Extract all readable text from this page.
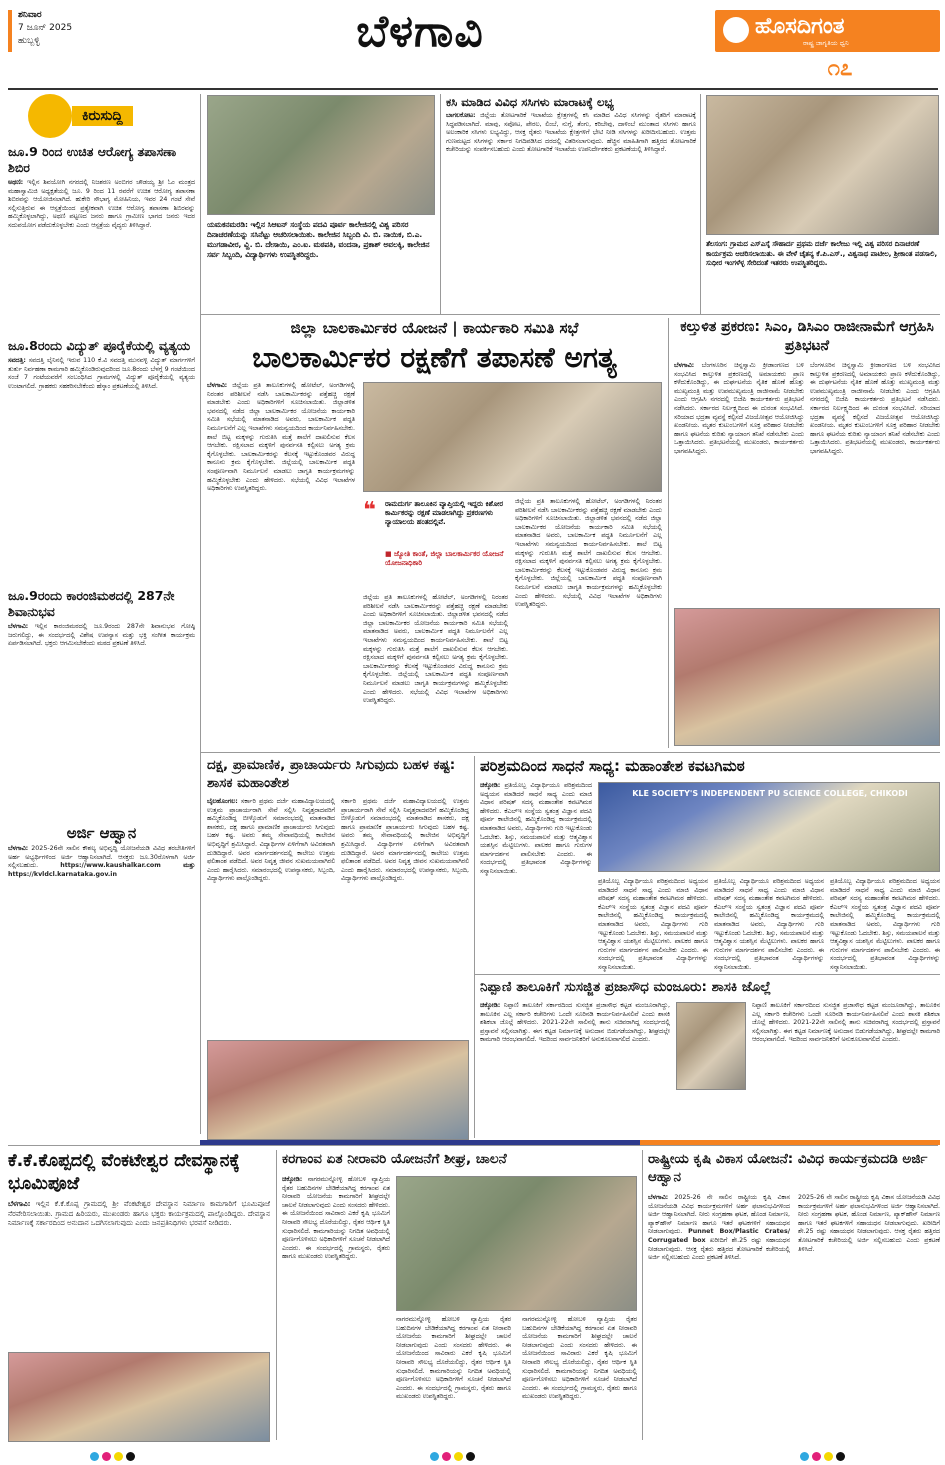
ಶನಿವಾರ
7 ಜೂನ್ 2025
ಹುಬ್ಬಳ್ಳಿ	ಬೆಳಗಾವಿ	ಹೊಸದಿಗಂತ
ರಾಷ್ಟ್ರ ಜಾಗೃತಿಯ ಧ್ವನಿ
೧೭
ಕಿರುಸುದ್ದಿ
ಜೂ.9 ರಿಂದ ಉಚಿತ ಆರೋಗ್ಯ ತಪಾಸಣಾ ಶಿಬಿರ
ಅಥಣಿ: ಇಲ್ಲಿನ ಶಿವಯೋಗಿ ನಗರದಲ್ಲಿ ನಿಜಶರಣ ಅಂಬಿಗರ ಚೌಡಯ್ಯ ಶ್ರೀ ಓಂ ಮಂತ್ರದ ಮಹಾಸ್ವಾಮಿಜಿ ಅಧ್ಯಕ್ಷತೆಯಲ್ಲಿ ಜೂ. 9 ರಿಂದ 11 ರವರೆಗೆ ಉಚಿತ ಆರೋಗ್ಯ ತಪಾಸಣಾ ಶಿಬಿರವನ್ನು ಆಯೋಜಿಸಲಾಗಿದೆ. ಹುಕೇರಿ ಸೌಭಾಗ್ಯ ಮೋಹಿನಿಯ, ಇವರ 24 ಗಂಟೆ ಸೇವೆ ಸಲ್ಲಿಸುತ್ತಿರುವ ಈ ಆಸ್ಪತ್ರೆಯಿಂದ ಪ್ರತ್ಯೇಕವಾಗಿ ಉಚಿತ ಆರೋಗ್ಯ ತಪಾಸಣಾ ಶಿಬಿರವನ್ನು ಹಮ್ಮಿಕೊಳ್ಳಲಾಗಿದ್ದು, ಅಥಣಿ ಪಟ್ಟಣದ ಜನರು ಹಾಗೂ ಗ್ರಾಮೀಣ ಭಾಗದ ಜನರು ಇದರ ಸದುಪಯೋಗ ಪಡೆದುಕೊಳ್ಳಬೇಕು ಎಂದು ಆಸ್ಪತ್ರೆಯ ವೈದ್ಯರು ತಿಳಿಸಿದ್ದಾರೆ.
ಜೂ.8ರಂದು ವಿದ್ಯುತ್ ಪೂರೈಕೆಯಲ್ಲಿ ವ್ಯತ್ಯಯ
ಸವದತ್ತಿ: ಸವದತ್ತಿ ಲೈನಿನಲ್ಲಿ ಇರುವ 110 ಕೆ.ವಿ ಸವದತ್ತಿ ಮುನವಳ್ಳಿ ವಿದ್ಯುತ್ ಮಾರ್ಗಗಳಿಗೆ ತುರ್ತು ನಿರ್ವಹಣಾ ಕಾಮಗಾರಿ ಹಮ್ಮಿಕೊಂಡಿರುವುದರಿಂದ ಜೂ.8ರಂದು ಬೆಳಗ್ಗೆ 9 ಗಂಟೆಯಿಂದ ಸಂಜೆ 7 ಗಂಟೆಯವರೆಗೆ ಸಂಬಂಧಿಸಿದ ಗ್ರಾಮಗಳಲ್ಲಿ ವಿದ್ಯುತ್ ಪೂರೈಕೆಯಲ್ಲಿ ವ್ಯತ್ಯಯ ಉಂಟಾಗಲಿದೆ. ಗ್ರಾಹಕರು ಸಹಕರಿಸಬೇಕೆಂದು ಹೆಸ್ಕಾಂ ಪ್ರಕಟಣೆಯಲ್ಲಿ ತಿಳಿಸಿದೆ.
ಜೂ.9ರಂದು ಕಾರಂಜಿಮಠದಲ್ಲಿ 287ನೇ ಶಿವಾನುಭವ
ಬೆಳಗಾವಿ: ಇಲ್ಲಿನ ಕಾರಂಜಿಮಠದಲ್ಲಿ ಜೂ.9ರಂದು 287ನೇ ಶಿವಾನುಭವ ಗೋಷ್ಠಿ ಜರುಗಲಿದ್ದು, ಈ ಸಂದರ್ಭದಲ್ಲಿ ವಿಶೇಷ ಉಪನ್ಯಾಸ ಮತ್ತು ಭಕ್ತಿ ಸಂಗೀತ ಕಾರ್ಯಕ್ರಮ ಏರ್ಪಡಿಸಲಾಗಿದೆ. ಭಕ್ತರು ಆಗಮಿಸಬೇಕೆಂದು ಮಠದ ಪ್ರಕಟಣೆ ತಿಳಿಸಿದೆ.
ಅರ್ಜಿ ಆಹ್ವಾನ
ಬೆಳಗಾವಿ: 2025-26ನೇ ಸಾಲಿನ ಕೌಶಲ್ಯ ಅಭಿವೃದ್ಧಿ ಯೋಜನೆಯಡಿ ವಿವಿಧ ತರಬೇತಿಗಳಿಗೆ ಅರ್ಹ ಅಭ್ಯರ್ಥಿಗಳಿಂದ ಅರ್ಜಿ ಆಹ್ವಾನಿಸಲಾಗಿದೆ. ಆಸಕ್ತರು ಜೂ.30ರೊಳಗಾಗಿ ಅರ್ಜಿ ಸಲ್ಲಿಸಬಹುದು.	https://www.kaushalkar.com ಮತ್ತು https://kvldcl.karnataka.gov.in
ಯಮಕನಮರಡಿ: ಇಲ್ಲಿನ ಸಿಆಐನ್ ಸಂಸ್ಥೆಯ ಪದವಿ ಪೂರ್ವ ಕಾಲೇಜಿನಲ್ಲಿ ವಿಶ್ವ ಪರಿಸರ ದಿನಾಚರಣೆಯನ್ನು ಸಸಿನೆಟ್ಟು ಆಚರಿಸಲಾಯಿತು. ಕಾಲೇಜಿನ ಸಿಬ್ಬಂದಿ ವಿ. ಬಿ. ನಾಯಿಕ, ಬಿ.ಎ. ಮುಗಡಾವೀರ, ವ್ಹಿ. ಬಿ. ದೇಸಾಯಿ, ಎಂ.ಐ. ಮಠಪತಿ, ವಂದನಾ, ಪ್ರಕಾಶ್ ಅವಲಕ್ಕಿ, ಕಾಲೇಜಿನ ಸರ್ವ ಸಿಬ್ಬಂದಿ, ವಿದ್ಯಾರ್ಥಿಗಳು ಉಪಸ್ಥಿತರಿದ್ದರು.
ಕಸಿ ಮಾಡಿದ ವಿವಿಧ ಸಸಿಗಳು ಮಾರಾಟಕ್ಕೆ ಲಭ್ಯ
ಬಾಗಲಕೋಟ: ಜಿಲ್ಲೆಯ ತೋಟಗಾರಿಕೆ ಇಲಾಖೆಯ ಕ್ಷೇತ್ರಗಳಲ್ಲಿ ಕಸಿ ಮಾಡಿದ ವಿವಿಧ ಸಸಿಗಳನ್ನು ರೈತರಿಗೆ ಮಾರಾಟಕ್ಕೆ ಸಿದ್ಧಪಡಿಸಲಾಗಿದೆ. ಮಾವು, ಸಪೋಟ, ಪೇರಲ, ಲಿಂಬೆ, ನುಗ್ಗೆ, ತೆಂಗು, ಕರಿಬೇವು, ದಾಳಿಂಬೆ ಮುಂತಾದ ಸಸಿಗಳು ಹಾಗೂ ಅಲಂಕಾರಿಕ ಸಸಿಗಳು ಲಭ್ಯವಿದ್ದು, ಆಸಕ್ತ ರೈತರು ಇಲಾಖೆಯ ಕ್ಷೇತ್ರಗಳಿಗೆ ಭೇಟಿ ನೀಡಿ ಸಸಿಗಳನ್ನು ಖರೀದಿಸಬಹುದು. ಉತ್ತಮ ಗುಣಮಟ್ಟದ ಸಸಿಗಳನ್ನು ಸರ್ಕಾರ ನಿಗದಿಪಡಿಸಿದ ದರದಲ್ಲಿ ವಿತರಿಸಲಾಗುವುದು. ಹೆಚ್ಚಿನ ಮಾಹಿತಿಗಾಗಿ ಹತ್ತಿರದ ತೋಟಗಾರಿಕೆ ಕಚೇರಿಯನ್ನು ಸಂಪರ್ಕಿಸಬಹುದು ಎಂದು ತೋಟಗಾರಿಕೆ ಇಲಾಖೆಯ ಉಪನಿರ್ದೇಶಕರು ಪ್ರಕಟಣೆಯಲ್ಲಿ ತಿಳಿಸಿದ್ದಾರೆ.
ತೆಲಸಂಗ: ಗ್ರಾಮದ ಎಸ್‌ಎಸ್ಕೆ ಸೌಹಾರ್ದ ಪ್ರಥಮ ದರ್ಜೆ ಕಾಲೇಜು ಇಲ್ಲಿ ವಿಶ್ವ ಪರಿಸರ ದಿನಾಚರಣೆ ಕಾರ್ಯಕ್ರಮ ಆಚರಿಸಲಾಯಿತು. ಈ ವೇಳೆ ಚೈತನ್ಯ ಕೆ.ಪಿ.ಎಸ್., ವಿಶ್ವನಾಥ ಪಾಟೀಲ, ಶ್ರೀಕಾಂತ ಪಡಸಾಲಿ, ಸುಧೀರ ಇಂಗಳೆಳ್ಳ ಸೇರಿದಂತೆ ಇತರರು ಉಪಸ್ಥಿತರಿದ್ದರು.
ಜಿಲ್ಲಾ ಬಾಲಕಾರ್ಮಿಕರ ಯೋಜನೆ | ಕಾರ್ಯಕಾರಿ ಸಮಿತಿ ಸಭೆ
ಬಾಲಕಾರ್ಮಿಕರ ರಕ್ಷಣೆಗೆ ತಪಾಸಣೆ ಅಗತ್ಯ
ಬೆಳಗಾವಿ: ಜಿಲ್ಲೆಯ ಪ್ರತಿ ತಾಲೂಕುಗಳಲ್ಲಿ ಹೋಟೆಲ್, ಅಂಗಡಿಗಳಲ್ಲಿ ನಿರಂತರ ಪರಿಶೀಲನೆ ನಡೆಸಿ ಬಾಲಕಾರ್ಮಿಕರನ್ನು ಪತ್ತೆಹಚ್ಚಿ ರಕ್ಷಣೆ ಮಾಡಬೇಕು ಎಂದು ಅಧಿಕಾರಿಗಳಿಗೆ ಸೂಚಿಸಲಾಯಿತು. ಜಿಲ್ಲಾಡಳಿತ ಭವನದಲ್ಲಿ ನಡೆದ ಜಿಲ್ಲಾ ಬಾಲಕಾರ್ಮಿಕರ ಯೋಜನೆಯ ಕಾರ್ಯಕಾರಿ ಸಮಿತಿ ಸಭೆಯಲ್ಲಿ ಮಾತನಾಡಿದ ಅವರು, ಬಾಲಕಾರ್ಮಿಕ ಪದ್ಧತಿ ನಿರ್ಮೂಲನೆಗೆ ಎಲ್ಲ ಇಲಾಖೆಗಳು ಸಮನ್ವಯದಿಂದ ಕಾರ್ಯನಿರ್ವಹಿಸಬೇಕು. ಶಾಲೆ ಬಿಟ್ಟ ಮಕ್ಕಳನ್ನು ಗುರುತಿಸಿ ಮತ್ತೆ ಶಾಲೆಗೆ ದಾಖಲಿಸುವ ಕೆಲಸ ಆಗಬೇಕು. ರಕ್ಷಿಸಲಾದ ಮಕ್ಕಳಿಗೆ ಪುನರ್ವಸತಿ ಕಲ್ಪಿಸಲು ಅಗತ್ಯ ಕ್ರಮ ಕೈಗೊಳ್ಳಬೇಕು. ಬಾಲಕಾರ್ಮಿಕರನ್ನು ಕೆಲಸಕ್ಕೆ ಇಟ್ಟುಕೊಂಡವರ ವಿರುದ್ಧ ಕಾನೂನು ಕ್ರಮ ಕೈಗೊಳ್ಳಬೇಕು. ಜಿಲ್ಲೆಯಲ್ಲಿ ಬಾಲಕಾರ್ಮಿಕ ಪದ್ಧತಿ ಸಂಪೂರ್ಣವಾಗಿ ನಿರ್ಮೂಲನೆ ಮಾಡಲು ಜಾಗೃತಿ ಕಾರ್ಯಕ್ರಮಗಳನ್ನು ಹಮ್ಮಿಕೊಳ್ಳಬೇಕು ಎಂದು ಹೇಳಿದರು. ಸಭೆಯಲ್ಲಿ ವಿವಿಧ ಇಲಾಖೆಗಳ ಅಧಿಕಾರಿಗಳು ಉಪಸ್ಥಿತರಿದ್ದರು.
❝ ರಾಮದುರ್ಗ ತಾಲೂಕಿನ ವ್ಯಾಪ್ತಿಯಲ್ಲಿ ಇದ್ದರು ಕಿಶೋರ ಕಾರ್ಮಿಕರನ್ನು ರಕ್ಷಣೆ ಮಾಡಲಾಗಿದ್ದು ಪ್ರಕರಣಗಳು ನ್ಯಾಯಾಲಯ ಹಂತದಲ್ಲಿವೆ.
■ ಜ್ಯೋತಿ ಕಾಂತೆ, ಜಿಲ್ಲಾ ಬಾಲಕಾರ್ಮಿಕರ ಯೋಜನೆ ಯೋಜನಾಧಿಕಾರಿ
ಜಿಲ್ಲೆಯ ಪ್ರತಿ ತಾಲೂಕುಗಳಲ್ಲಿ ಹೋಟೆಲ್, ಅಂಗಡಿಗಳಲ್ಲಿ ನಿರಂತರ ಪರಿಶೀಲನೆ ನಡೆಸಿ ಬಾಲಕಾರ್ಮಿಕರನ್ನು ಪತ್ತೆಹಚ್ಚಿ ರಕ್ಷಣೆ ಮಾಡಬೇಕು ಎಂದು ಅಧಿಕಾರಿಗಳಿಗೆ ಸೂಚಿಸಲಾಯಿತು. ಜಿಲ್ಲಾಡಳಿತ ಭವನದಲ್ಲಿ ನಡೆದ ಜಿಲ್ಲಾ ಬಾಲಕಾರ್ಮಿಕರ ಯೋಜನೆಯ ಕಾರ್ಯಕಾರಿ ಸಮಿತಿ ಸಭೆಯಲ್ಲಿ ಮಾತನಾಡಿದ ಅವರು, ಬಾಲಕಾರ್ಮಿಕ ಪದ್ಧತಿ ನಿರ್ಮೂಲನೆಗೆ ಎಲ್ಲ ಇಲಾಖೆಗಳು ಸಮನ್ವಯದಿಂದ ಕಾರ್ಯನಿರ್ವಹಿಸಬೇಕು. ಶಾಲೆ ಬಿಟ್ಟ ಮಕ್ಕಳನ್ನು ಗುರುತಿಸಿ ಮತ್ತೆ ಶಾಲೆಗೆ ದಾಖಲಿಸುವ ಕೆಲಸ ಆಗಬೇಕು. ರಕ್ಷಿಸಲಾದ ಮಕ್ಕಳಿಗೆ ಪುನರ್ವಸತಿ ಕಲ್ಪಿಸಲು ಅಗತ್ಯ ಕ್ರಮ ಕೈಗೊಳ್ಳಬೇಕು. ಬಾಲಕಾರ್ಮಿಕರನ್ನು ಕೆಲಸಕ್ಕೆ ಇಟ್ಟುಕೊಂಡವರ ವಿರುದ್ಧ ಕಾನೂನು ಕ್ರಮ ಕೈಗೊಳ್ಳಬೇಕು. ಜಿಲ್ಲೆಯಲ್ಲಿ ಬಾಲಕಾರ್ಮಿಕ ಪದ್ಧತಿ ಸಂಪೂರ್ಣವಾಗಿ ನಿರ್ಮೂಲನೆ ಮಾಡಲು ಜಾಗೃತಿ ಕಾರ್ಯಕ್ರಮಗಳನ್ನು ಹಮ್ಮಿಕೊಳ್ಳಬೇಕು ಎಂದು ಹೇಳಿದರು. ಸಭೆಯಲ್ಲಿ ವಿವಿಧ ಇಲಾಖೆಗಳ ಅಧಿಕಾರಿಗಳು ಉಪಸ್ಥಿತರಿದ್ದರು.
ಜಿಲ್ಲೆಯ ಪ್ರತಿ ತಾಲೂಕುಗಳಲ್ಲಿ ಹೋಟೆಲ್, ಅಂಗಡಿಗಳಲ್ಲಿ ನಿರಂತರ ಪರಿಶೀಲನೆ ನಡೆಸಿ ಬಾಲಕಾರ್ಮಿಕರನ್ನು ಪತ್ತೆಹಚ್ಚಿ ರಕ್ಷಣೆ ಮಾಡಬೇಕು ಎಂದು ಅಧಿಕಾರಿಗಳಿಗೆ ಸೂಚಿಸಲಾಯಿತು. ಜಿಲ್ಲಾಡಳಿತ ಭವನದಲ್ಲಿ ನಡೆದ ಜಿಲ್ಲಾ ಬಾಲಕಾರ್ಮಿಕರ ಯೋಜನೆಯ ಕಾರ್ಯಕಾರಿ ಸಮಿತಿ ಸಭೆಯಲ್ಲಿ ಮಾತನಾಡಿದ ಅವರು, ಬಾಲಕಾರ್ಮಿಕ ಪದ್ಧತಿ ನಿರ್ಮೂಲನೆಗೆ ಎಲ್ಲ ಇಲಾಖೆಗಳು ಸಮನ್ವಯದಿಂದ ಕಾರ್ಯನಿರ್ವಹಿಸಬೇಕು. ಶಾಲೆ ಬಿಟ್ಟ ಮಕ್ಕಳನ್ನು ಗುರುತಿಸಿ ಮತ್ತೆ ಶಾಲೆಗೆ ದಾಖಲಿಸುವ ಕೆಲಸ ಆಗಬೇಕು. ರಕ್ಷಿಸಲಾದ ಮಕ್ಕಳಿಗೆ ಪುನರ್ವಸತಿ ಕಲ್ಪಿಸಲು ಅಗತ್ಯ ಕ್ರಮ ಕೈಗೊಳ್ಳಬೇಕು. ಬಾಲಕಾರ್ಮಿಕರನ್ನು ಕೆಲಸಕ್ಕೆ ಇಟ್ಟುಕೊಂಡವರ ವಿರುದ್ಧ ಕಾನೂನು ಕ್ರಮ ಕೈಗೊಳ್ಳಬೇಕು. ಜಿಲ್ಲೆಯಲ್ಲಿ ಬಾಲಕಾರ್ಮಿಕ ಪದ್ಧತಿ ಸಂಪೂರ್ಣವಾಗಿ ನಿರ್ಮೂಲನೆ ಮಾಡಲು ಜಾಗೃತಿ ಕಾರ್ಯಕ್ರಮಗಳನ್ನು ಹಮ್ಮಿಕೊಳ್ಳಬೇಕು ಎಂದು ಹೇಳಿದರು. ಸಭೆಯಲ್ಲಿ ವಿವಿಧ ಇಲಾಖೆಗಳ ಅಧಿಕಾರಿಗಳು ಉಪಸ್ಥಿತರಿದ್ದರು.
ಕಲ್ತುಳಿತ ಪ್ರಕರಣ: ಸಿಎಂ, ಡಿಸಿಎಂ ರಾಜೀನಾಮೆಗೆ ಆಗ್ರಹಿಸಿ ಪ್ರತಿಭಟನೆ
ಬೆಳಗಾವಿ: ಬೆಂಗಳೂರಿನ ಚಿನ್ನಸ್ವಾಮಿ ಕ್ರೀಡಾಂಗಣದ ಬಳಿ ಸಂಭವಿಸಿದ ಕಾಲ್ತುಳಿತ ಪ್ರಕರಣದಲ್ಲಿ ಅಮಾಯಕರು ಪ್ರಾಣ ಕಳೆದುಕೊಂಡಿದ್ದು, ಈ ದುರ್ಘಟನೆಯ ನೈತಿಕ ಹೊಣೆ ಹೊತ್ತು ಮುಖ್ಯಮಂತ್ರಿ ಮತ್ತು ಉಪಮುಖ್ಯಮಂತ್ರಿ ರಾಜೀನಾಮೆ ನೀಡಬೇಕು ಎಂದು ಆಗ್ರಹಿಸಿ ನಗರದಲ್ಲಿ ಬಿಜೆಪಿ ಕಾರ್ಯಕರ್ತರು ಪ್ರತಿಭಟನೆ ನಡೆಸಿದರು. ಸರ್ಕಾರದ ನಿರ್ಲಕ್ಷ್ಯದಿಂದ ಈ ದುರಂತ ಸಂಭವಿಸಿದೆ. ಸರಿಯಾದ ಭದ್ರತಾ ವ್ಯವಸ್ಥೆ ಕಲ್ಪಿಸದೆ ವಿಜಯೋತ್ಸವ ಆಯೋಜಿಸಿದ್ದು ಖಂಡನೀಯ. ಮೃತರ ಕುಟುಂಬಗಳಿಗೆ ಸೂಕ್ತ ಪರಿಹಾರ ನೀಡಬೇಕು ಹಾಗೂ ಘಟನೆಯ ಕುರಿತು ನ್ಯಾಯಾಂಗ ತನಿಖೆ ನಡೆಸಬೇಕು ಎಂದು ಒತ್ತಾಯಿಸಿದರು. ಪ್ರತಿಭಟನೆಯಲ್ಲಿ ಮುಖಂಡರು, ಕಾರ್ಯಕರ್ತರು ಭಾಗವಹಿಸಿದ್ದರು.
ಬೆಂಗಳೂರಿನ ಚಿನ್ನಸ್ವಾಮಿ ಕ್ರೀಡಾಂಗಣದ ಬಳಿ ಸಂಭವಿಸಿದ ಕಾಲ್ತುಳಿತ ಪ್ರಕರಣದಲ್ಲಿ ಅಮಾಯಕರು ಪ್ರಾಣ ಕಳೆದುಕೊಂಡಿದ್ದು, ಈ ದುರ್ಘಟನೆಯ ನೈತಿಕ ಹೊಣೆ ಹೊತ್ತು ಮುಖ್ಯಮಂತ್ರಿ ಮತ್ತು ಉಪಮುಖ್ಯಮಂತ್ರಿ ರಾಜೀನಾಮೆ ನೀಡಬೇಕು ಎಂದು ಆಗ್ರಹಿಸಿ ನಗರದಲ್ಲಿ ಬಿಜೆಪಿ ಕಾರ್ಯಕರ್ತರು ಪ್ರತಿಭಟನೆ ನಡೆಸಿದರು. ಸರ್ಕಾರದ ನಿರ್ಲಕ್ಷ್ಯದಿಂದ ಈ ದುರಂತ ಸಂಭವಿಸಿದೆ. ಸರಿಯಾದ ಭದ್ರತಾ ವ್ಯವಸ್ಥೆ ಕಲ್ಪಿಸದೆ ವಿಜಯೋತ್ಸವ ಆಯೋಜಿಸಿದ್ದು ಖಂಡನೀಯ. ಮೃತರ ಕುಟುಂಬಗಳಿಗೆ ಸೂಕ್ತ ಪರಿಹಾರ ನೀಡಬೇಕು ಹಾಗೂ ಘಟನೆಯ ಕುರಿತು ನ್ಯಾಯಾಂಗ ತನಿಖೆ ನಡೆಸಬೇಕು ಎಂದು ಒತ್ತಾಯಿಸಿದರು. ಪ್ರತಿಭಟನೆಯಲ್ಲಿ ಮುಖಂಡರು, ಕಾರ್ಯಕರ್ತರು ಭಾಗವಹಿಸಿದ್ದರು.
ದಕ್ಷ, ಪ್ರಾಮಾಣಿಕ, ಪ್ರಾಚಾರ್ಯರು ಸಿಗುವುದು ಬಹಳ ಕಷ್ಟ: ಶಾಸಕ ಮಹಾಂತೇಶ
ಬೈಲಹೊಂಗಲ: ಸರ್ಕಾರಿ ಪ್ರಥಮ ದರ್ಜೆ ಮಹಾವಿದ್ಯಾಲಯದಲ್ಲಿ ಉತ್ತಮ ಪ್ರಾಚಾರ್ಯರಾಗಿ ಸೇವೆ ಸಲ್ಲಿಸಿ ನಿವೃತ್ತರಾದವರಿಗೆ ಹಮ್ಮಿಕೊಂಡಿದ್ದ ಬೀಳ್ಕೊಡುಗೆ ಸಮಾರಂಭದಲ್ಲಿ ಮಾತನಾಡಿದ ಶಾಸಕರು, ದಕ್ಷ ಹಾಗೂ ಪ್ರಾಮಾಣಿಕ ಪ್ರಾಚಾರ್ಯರು ಸಿಗುವುದು ಬಹಳ ಕಷ್ಟ. ಅವರು ತಮ್ಮ ಸೇವಾವಧಿಯಲ್ಲಿ ಕಾಲೇಜಿನ ಅಭಿವೃದ್ಧಿಗೆ ಶ್ರಮಿಸಿದ್ದಾರೆ. ವಿದ್ಯಾರ್ಥಿಗಳ ಏಳಿಗೆಗಾಗಿ ಅವಿರತವಾಗಿ ದುಡಿದಿದ್ದಾರೆ. ಅವರ ಮಾರ್ಗದರ್ಶನದಲ್ಲಿ ಕಾಲೇಜು ಉತ್ತಮ ಫಲಿತಾಂಶ ಪಡೆದಿದೆ. ಅವರ ನಿವೃತ್ತ ಜೀವನ ಸುಖಮಯವಾಗಿರಲಿ ಎಂದು ಹಾರೈಸಿದರು. ಸಮಾರಂಭದಲ್ಲಿ ಉಪನ್ಯಾಸಕರು, ಸಿಬ್ಬಂದಿ, ವಿದ್ಯಾರ್ಥಿಗಳು ಪಾಲ್ಗೊಂಡಿದ್ದರು.
ಸರ್ಕಾರಿ ಪ್ರಥಮ ದರ್ಜೆ ಮಹಾವಿದ್ಯಾಲಯದಲ್ಲಿ ಉತ್ತಮ ಪ್ರಾಚಾರ್ಯರಾಗಿ ಸೇವೆ ಸಲ್ಲಿಸಿ ನಿವೃತ್ತರಾದವರಿಗೆ ಹಮ್ಮಿಕೊಂಡಿದ್ದ ಬೀಳ್ಕೊಡುಗೆ ಸಮಾರಂಭದಲ್ಲಿ ಮಾತನಾಡಿದ ಶಾಸಕರು, ದಕ್ಷ ಹಾಗೂ ಪ್ರಾಮಾಣಿಕ ಪ್ರಾಚಾರ್ಯರು ಸಿಗುವುದು ಬಹಳ ಕಷ್ಟ. ಅವರು ತಮ್ಮ ಸೇವಾವಧಿಯಲ್ಲಿ ಕಾಲೇಜಿನ ಅಭಿವೃದ್ಧಿಗೆ ಶ್ರಮಿಸಿದ್ದಾರೆ. ವಿದ್ಯಾರ್ಥಿಗಳ ಏಳಿಗೆಗಾಗಿ ಅವಿರತವಾಗಿ ದುಡಿದಿದ್ದಾರೆ. ಅವರ ಮಾರ್ಗದರ್ಶನದಲ್ಲಿ ಕಾಲೇಜು ಉತ್ತಮ ಫಲಿತಾಂಶ ಪಡೆದಿದೆ. ಅವರ ನಿವೃತ್ತ ಜೀವನ ಸುಖಮಯವಾಗಿರಲಿ ಎಂದು ಹಾರೈಸಿದರು. ಸಮಾರಂಭದಲ್ಲಿ ಉಪನ್ಯಾಸಕರು, ಸಿಬ್ಬಂದಿ, ವಿದ್ಯಾರ್ಥಿಗಳು ಪಾಲ್ಗೊಂಡಿದ್ದರು.
ಪರಿಶ್ರಮದಿಂದ ಸಾಧನೆ ಸಾಧ್ಯ: ಮಹಾಂತೇಶ ಕವಟಗಿಮಠ
ಚಿಕ್ಕೋಡಿ: ಪ್ರತಿಯೊಬ್ಬ ವಿದ್ಯಾರ್ಥಿಯೂ ಪರಿಶ್ರಮದಿಂದ ಅಧ್ಯಯನ ಮಾಡಿದರೆ ಸಾಧನೆ ಸಾಧ್ಯ ಎಂದು ಮಾಜಿ ವಿಧಾನ ಪರಿಷತ್ ಸದಸ್ಯ ಮಹಾಂತೇಶ ಕವಟಗಿಮಠ ಹೇಳಿದರು. ಕೆಎಲ್‌ಇ ಸಂಸ್ಥೆಯ ಸ್ವತಂತ್ರ ವಿಜ್ಞಾನ ಪದವಿ ಪೂರ್ವ ಕಾಲೇಜಿನಲ್ಲಿ ಹಮ್ಮಿಕೊಂಡಿದ್ದ ಕಾರ್ಯಕ್ರಮದಲ್ಲಿ ಮಾತನಾಡಿದ ಅವರು, ವಿದ್ಯಾರ್ಥಿಗಳು ಗುರಿ ಇಟ್ಟುಕೊಂಡು ಓದಬೇಕು. ಶಿಸ್ತು, ಸಮಯಪಾಲನೆ ಮತ್ತು ಆತ್ಮವಿಶ್ವಾಸ ಯಶಸ್ಸಿನ ಮೆಟ್ಟಿಲುಗಳು. ಪಾಲಕರ ಹಾಗೂ ಗುರುಗಳ ಮಾರ್ಗದರ್ಶನ ಪಾಲಿಸಬೇಕು ಎಂದರು. ಈ ಸಂದರ್ಭದಲ್ಲಿ ಪ್ರತಿಭಾವಂತ ವಿದ್ಯಾರ್ಥಿಗಳನ್ನು ಸನ್ಮಾನಿಸಲಾಯಿತು.
KLE SOCIETY'S INDEPENDENT PU SCIENCE COLLEGE, CHIKODI
ಪ್ರತಿಯೊಬ್ಬ ವಿದ್ಯಾರ್ಥಿಯೂ ಪರಿಶ್ರಮದಿಂದ ಅಧ್ಯಯನ ಮಾಡಿದರೆ ಸಾಧನೆ ಸಾಧ್ಯ ಎಂದು ಮಾಜಿ ವಿಧಾನ ಪರಿಷತ್ ಸದಸ್ಯ ಮಹಾಂತೇಶ ಕವಟಗಿಮಠ ಹೇಳಿದರು. ಕೆಎಲ್‌ಇ ಸಂಸ್ಥೆಯ ಸ್ವತಂತ್ರ ವಿಜ್ಞಾನ ಪದವಿ ಪೂರ್ವ ಕಾಲೇಜಿನಲ್ಲಿ ಹಮ್ಮಿಕೊಂಡಿದ್ದ ಕಾರ್ಯಕ್ರಮದಲ್ಲಿ ಮಾತನಾಡಿದ ಅವರು, ವಿದ್ಯಾರ್ಥಿಗಳು ಗುರಿ ಇಟ್ಟುಕೊಂಡು ಓದಬೇಕು. ಶಿಸ್ತು, ಸಮಯಪಾಲನೆ ಮತ್ತು ಆತ್ಮವಿಶ್ವಾಸ ಯಶಸ್ಸಿನ ಮೆಟ್ಟಿಲುಗಳು. ಪಾಲಕರ ಹಾಗೂ ಗುರುಗಳ ಮಾರ್ಗದರ್ಶನ ಪಾಲಿಸಬೇಕು ಎಂದರು. ಈ ಸಂದರ್ಭದಲ್ಲಿ ಪ್ರತಿಭಾವಂತ ವಿದ್ಯಾರ್ಥಿಗಳನ್ನು ಸನ್ಮಾನಿಸಲಾಯಿತು.
ಪ್ರತಿಯೊಬ್ಬ ವಿದ್ಯಾರ್ಥಿಯೂ ಪರಿಶ್ರಮದಿಂದ ಅಧ್ಯಯನ ಮಾಡಿದರೆ ಸಾಧನೆ ಸಾಧ್ಯ ಎಂದು ಮಾಜಿ ವಿಧಾನ ಪರಿಷತ್ ಸದಸ್ಯ ಮಹಾಂತೇಶ ಕವಟಗಿಮಠ ಹೇಳಿದರು. ಕೆಎಲ್‌ಇ ಸಂಸ್ಥೆಯ ಸ್ವತಂತ್ರ ವಿಜ್ಞಾನ ಪದವಿ ಪೂರ್ವ ಕಾಲೇಜಿನಲ್ಲಿ ಹಮ್ಮಿಕೊಂಡಿದ್ದ ಕಾರ್ಯಕ್ರಮದಲ್ಲಿ ಮಾತನಾಡಿದ ಅವರು, ವಿದ್ಯಾರ್ಥಿಗಳು ಗುರಿ ಇಟ್ಟುಕೊಂಡು ಓದಬೇಕು. ಶಿಸ್ತು, ಸಮಯಪಾಲನೆ ಮತ್ತು ಆತ್ಮವಿಶ್ವಾಸ ಯಶಸ್ಸಿನ ಮೆಟ್ಟಿಲುಗಳು. ಪಾಲಕರ ಹಾಗೂ ಗುರುಗಳ ಮಾರ್ಗದರ್ಶನ ಪಾಲಿಸಬೇಕು ಎಂದರು. ಈ ಸಂದರ್ಭದಲ್ಲಿ ಪ್ರತಿಭಾವಂತ ವಿದ್ಯಾರ್ಥಿಗಳನ್ನು ಸನ್ಮಾನಿಸಲಾಯಿತು.
ಪ್ರತಿಯೊಬ್ಬ ವಿದ್ಯಾರ್ಥಿಯೂ ಪರಿಶ್ರಮದಿಂದ ಅಧ್ಯಯನ ಮಾಡಿದರೆ ಸಾಧನೆ ಸಾಧ್ಯ ಎಂದು ಮಾಜಿ ವಿಧಾನ ಪರಿಷತ್ ಸದಸ್ಯ ಮಹಾಂತೇಶ ಕವಟಗಿಮಠ ಹೇಳಿದರು. ಕೆಎಲ್‌ಇ ಸಂಸ್ಥೆಯ ಸ್ವತಂತ್ರ ವಿಜ್ಞಾನ ಪದವಿ ಪೂರ್ವ ಕಾಲೇಜಿನಲ್ಲಿ ಹಮ್ಮಿಕೊಂಡಿದ್ದ ಕಾರ್ಯಕ್ರಮದಲ್ಲಿ ಮಾತನಾಡಿದ ಅವರು, ವಿದ್ಯಾರ್ಥಿಗಳು ಗುರಿ ಇಟ್ಟುಕೊಂಡು ಓದಬೇಕು. ಶಿಸ್ತು, ಸಮಯಪಾಲನೆ ಮತ್ತು ಆತ್ಮವಿಶ್ವಾಸ ಯಶಸ್ಸಿನ ಮೆಟ್ಟಿಲುಗಳು. ಪಾಲಕರ ಹಾಗೂ ಗುರುಗಳ ಮಾರ್ಗದರ್ಶನ ಪಾಲಿಸಬೇಕು ಎಂದರು. ಈ ಸಂದರ್ಭದಲ್ಲಿ ಪ್ರತಿಭಾವಂತ ವಿದ್ಯಾರ್ಥಿಗಳನ್ನು ಸನ್ಮಾನಿಸಲಾಯಿತು.
ನಿಪ್ಪಾಣಿ ತಾಲೂಕಿಗೆ ಸುಸಜ್ಜಿತ ಪ್ರಜಾಸೌಧ ಮಂಜೂರು: ಶಾಸಕಿ ಜೊಲ್ಲೆ
ಚಿಕ್ಕೋಡಿ: ನಿಪ್ಪಾಣಿ ತಾಲೂಕಿಗೆ ಸರ್ಕಾರದಿಂದ ಸುಸಜ್ಜಿತ ಪ್ರಜಾಸೌಧ ಕಟ್ಟಡ ಮಂಜೂರಾಗಿದ್ದು, ತಾಲೂಕಿನ ಎಲ್ಲ ಸರ್ಕಾರಿ ಕಚೇರಿಗಳು ಒಂದೇ ಸೂರಿನಡಿ ಕಾರ್ಯನಿರ್ವಹಿಸಲಿವೆ ಎಂದು ಶಾಸಕಿ ಶಶಿಕಲಾ ಜೊಲ್ಲೆ ಹೇಳಿದರು. 2021-22ನೇ ಸಾಲಿನಲ್ಲಿ ತಾನು ಸಚಿವರಾಗಿದ್ದ ಸಂದರ್ಭದಲ್ಲಿ ಪ್ರಸ್ತಾವನೆ ಸಲ್ಲಿಸಲಾಗಿತ್ತು. ಈಗ ಕಟ್ಟಡ ನಿರ್ಮಾಣಕ್ಕೆ ಅನುದಾನ ಬಿಡುಗಡೆಯಾಗಿದ್ದು, ಶೀಘ್ರದಲ್ಲೇ ಕಾಮಗಾರಿ ಆರಂಭವಾಗಲಿದೆ. ಇದರಿಂದ ಸಾರ್ವಜನಿಕರಿಗೆ ಅನುಕೂಲವಾಗಲಿದೆ ಎಂದರು.
ನಿಪ್ಪಾಣಿ ತಾಲೂಕಿಗೆ ಸರ್ಕಾರದಿಂದ ಸುಸಜ್ಜಿತ ಪ್ರಜಾಸೌಧ ಕಟ್ಟಡ ಮಂಜೂರಾಗಿದ್ದು, ತಾಲೂಕಿನ ಎಲ್ಲ ಸರ್ಕಾರಿ ಕಚೇರಿಗಳು ಒಂದೇ ಸೂರಿನಡಿ ಕಾರ್ಯನಿರ್ವಹಿಸಲಿವೆ ಎಂದು ಶಾಸಕಿ ಶಶಿಕಲಾ ಜೊಲ್ಲೆ ಹೇಳಿದರು. 2021-22ನೇ ಸಾಲಿನಲ್ಲಿ ತಾನು ಸಚಿವರಾಗಿದ್ದ ಸಂದರ್ಭದಲ್ಲಿ ಪ್ರಸ್ತಾವನೆ ಸಲ್ಲಿಸಲಾಗಿತ್ತು. ಈಗ ಕಟ್ಟಡ ನಿರ್ಮಾಣಕ್ಕೆ ಅನುದಾನ ಬಿಡುಗಡೆಯಾಗಿದ್ದು, ಶೀಘ್ರದಲ್ಲೇ ಕಾಮಗಾರಿ ಆರಂಭವಾಗಲಿದೆ. ಇದರಿಂದ ಸಾರ್ವಜನಿಕರಿಗೆ ಅನುಕೂಲವಾಗಲಿದೆ ಎಂದರು.
ಕೆ.ಕೆ.ಕೊಪ್ಪದಲ್ಲಿ ವೆಂಕಟೇಶ್ವರ ದೇವಸ್ಥಾನಕ್ಕೆ ಭೂಮಿಪೂಜೆ
ಬೆಳಗಾವಿ: ಇಲ್ಲಿನ ಕೆ.ಕೆ.ಕೊಪ್ಪ ಗ್ರಾಮದಲ್ಲಿ ಶ್ರೀ ವೆಂಕಟೇಶ್ವರ ದೇವಸ್ಥಾನ ನಿರ್ಮಾಣ ಕಾಮಗಾರಿಗೆ ಭೂಮಿಪೂಜೆ ನೆರವೇರಿಸಲಾಯಿತು. ಗ್ರಾಮದ ಹಿರಿಯರು, ಮುಖಂಡರು ಹಾಗೂ ಭಕ್ತರು ಕಾರ್ಯಕ್ರಮದಲ್ಲಿ ಪಾಲ್ಗೊಂಡಿದ್ದರು. ದೇವಸ್ಥಾನ ನಿರ್ಮಾಣಕ್ಕೆ ಸರ್ಕಾರದಿಂದ ಅನುದಾನ ಒದಗಿಸಲಾಗುವುದು ಎಂದು ಜನಪ್ರತಿನಿಧಿಗಳು ಭರವಸೆ ನೀಡಿದರು.
ಕರಗಾಂವ ಏತ ನೀರಾವರಿ ಯೋಜನೆಗೆ ಶೀಘ್ರ, ಚಾಲನೆ
ಚಿಕ್ಕೋಡಿ: ನಾಗರಮುನ್ನೋಳ್ಳಿ ಹೋಬಳಿ ವ್ಯಾಪ್ತಿಯ ರೈತರ ಬಹುದಿನಗಳ ಬೇಡಿಕೆಯಾಗಿದ್ದ ಕರಗಾಂವ ಏತ ನೀರಾವರಿ ಯೋಜನೆಯ ಕಾಮಗಾರಿಗೆ ಶೀಘ್ರದಲ್ಲೇ ಚಾಲನೆ ನೀಡಲಾಗುವುದು ಎಂದು ಸಂಸದರು ಹೇಳಿದರು. ಈ ಯೋಜನೆಯಿಂದ ಸಾವಿರಾರು ಎಕರೆ ಕೃಷಿ ಭೂಮಿಗೆ ನೀರಾವರಿ ಸೌಲಭ್ಯ ದೊರೆಯಲಿದ್ದು, ರೈತರ ಆರ್ಥಿಕ ಸ್ಥಿತಿ ಸುಧಾರಿಸಲಿದೆ. ಕಾಮಗಾರಿಯನ್ನು ನಿಗದಿತ ಅವಧಿಯಲ್ಲಿ ಪೂರ್ಣಗೊಳಿಸಲು ಅಧಿಕಾರಿಗಳಿಗೆ ಸೂಚನೆ ನೀಡಲಾಗಿದೆ ಎಂದರು. ಈ ಸಂದರ್ಭದಲ್ಲಿ ಗ್ರಾಮಸ್ಥರು, ರೈತರು ಹಾಗೂ ಮುಖಂಡರು ಉಪಸ್ಥಿತರಿದ್ದರು.
ನಾಗರಮುನ್ನೋಳ್ಳಿ ಹೋಬಳಿ ವ್ಯಾಪ್ತಿಯ ರೈತರ ಬಹುದಿನಗಳ ಬೇಡಿಕೆಯಾಗಿದ್ದ ಕರಗಾಂವ ಏತ ನೀರಾವರಿ ಯೋಜನೆಯ ಕಾಮಗಾರಿಗೆ ಶೀಘ್ರದಲ್ಲೇ ಚಾಲನೆ ನೀಡಲಾಗುವುದು ಎಂದು ಸಂಸದರು ಹೇಳಿದರು. ಈ ಯೋಜನೆಯಿಂದ ಸಾವಿರಾರು ಎಕರೆ ಕೃಷಿ ಭೂಮಿಗೆ ನೀರಾವರಿ ಸೌಲಭ್ಯ ದೊರೆಯಲಿದ್ದು, ರೈತರ ಆರ್ಥಿಕ ಸ್ಥಿತಿ ಸುಧಾರಿಸಲಿದೆ. ಕಾಮಗಾರಿಯನ್ನು ನಿಗದಿತ ಅವಧಿಯಲ್ಲಿ ಪೂರ್ಣಗೊಳಿಸಲು ಅಧಿಕಾರಿಗಳಿಗೆ ಸೂಚನೆ ನೀಡಲಾಗಿದೆ ಎಂದರು. ಈ ಸಂದರ್ಭದಲ್ಲಿ ಗ್ರಾಮಸ್ಥರು, ರೈತರು ಹಾಗೂ ಮುಖಂಡರು ಉಪಸ್ಥಿತರಿದ್ದರು.
ನಾಗರಮುನ್ನೋಳ್ಳಿ ಹೋಬಳಿ ವ್ಯಾಪ್ತಿಯ ರೈತರ ಬಹುದಿನಗಳ ಬೇಡಿಕೆಯಾಗಿದ್ದ ಕರಗಾಂವ ಏತ ನೀರಾವರಿ ಯೋಜನೆಯ ಕಾಮಗಾರಿಗೆ ಶೀಘ್ರದಲ್ಲೇ ಚಾಲನೆ ನೀಡಲಾಗುವುದು ಎಂದು ಸಂಸದರು ಹೇಳಿದರು. ಈ ಯೋಜನೆಯಿಂದ ಸಾವಿರಾರು ಎಕರೆ ಕೃಷಿ ಭೂಮಿಗೆ ನೀರಾವರಿ ಸೌಲಭ್ಯ ದೊರೆಯಲಿದ್ದು, ರೈತರ ಆರ್ಥಿಕ ಸ್ಥಿತಿ ಸುಧಾರಿಸಲಿದೆ. ಕಾಮಗಾರಿಯನ್ನು ನಿಗದಿತ ಅವಧಿಯಲ್ಲಿ ಪೂರ್ಣಗೊಳಿಸಲು ಅಧಿಕಾರಿಗಳಿಗೆ ಸೂಚನೆ ನೀಡಲಾಗಿದೆ ಎಂದರು. ಈ ಸಂದರ್ಭದಲ್ಲಿ ಗ್ರಾಮಸ್ಥರು, ರೈತರು ಹಾಗೂ ಮುಖಂಡರು ಉಪಸ್ಥಿತರಿದ್ದರು.
ರಾಷ್ಟ್ರೀಯ ಕೃಷಿ ವಿಕಾಸ ಯೋಜನೆ: ವಿವಿಧ ಕಾರ್ಯಕ್ರಮದಡಿ ಅರ್ಜಿ ಆಹ್ವಾನ
ಬೆಳಗಾವಿ: 2025-26 ನೇ ಸಾಲಿನ ರಾಷ್ಟ್ರೀಯ ಕೃಷಿ ವಿಕಾಸ ಯೋಜನೆಯಡಿ ವಿವಿಧ ಕಾರ್ಯಕ್ರಮಗಳಿಗೆ ಅರ್ಹ ಫಲಾನುಭವಿಗಳಿಂದ ಅರ್ಜಿ ಆಹ್ವಾನಿಸಲಾಗಿದೆ. ನೀರು ಸಂಗ್ರಹಣಾ ಘಟಕ, ಹೊಂಡ ನಿರ್ಮಾಣ, ಪ್ಯಾಕ್‌ಹೌಸ್ ನಿರ್ಮಾಣ ಹಾಗೂ ಇತರೆ ಘಟಕಗಳಿಗೆ ಸಹಾಯಧನ ನೀಡಲಾಗುವುದು. Punnet Box/Plastic Crates/ Corrugated box ಖರೀದಿಗೆ ಶೇ.25 ರಷ್ಟು ಸಹಾಯಧನ ನೀಡಲಾಗುವುದು. ಆಸಕ್ತ ರೈತರು ಹತ್ತಿರದ ತೋಟಗಾರಿಕೆ ಕಚೇರಿಯಲ್ಲಿ ಅರ್ಜಿ ಸಲ್ಲಿಸಬಹುದು ಎಂದು ಪ್ರಕಟಣೆ ತಿಳಿಸಿದೆ.
2025-26 ನೇ ಸಾಲಿನ ರಾಷ್ಟ್ರೀಯ ಕೃಷಿ ವಿಕಾಸ ಯೋಜನೆಯಡಿ ವಿವಿಧ ಕಾರ್ಯಕ್ರಮಗಳಿಗೆ ಅರ್ಹ ಫಲಾನುಭವಿಗಳಿಂದ ಅರ್ಜಿ ಆಹ್ವಾನಿಸಲಾಗಿದೆ. ನೀರು ಸಂಗ್ರಹಣಾ ಘಟಕ, ಹೊಂಡ ನಿರ್ಮಾಣ, ಪ್ಯಾಕ್‌ಹೌಸ್ ನಿರ್ಮಾಣ ಹಾಗೂ ಇತರೆ ಘಟಕಗಳಿಗೆ ಸಹಾಯಧನ ನೀಡಲಾಗುವುದು. ಖರೀದಿಗೆ ಶೇ.25 ರಷ್ಟು ಸಹಾಯಧನ ನೀಡಲಾಗುವುದು. ಆಸಕ್ತ ರೈತರು ಹತ್ತಿರದ ತೋಟಗಾರಿಕೆ ಕಚೇರಿಯಲ್ಲಿ ಅರ್ಜಿ ಸಲ್ಲಿಸಬಹುದು ಎಂದು ಪ್ರಕಟಣೆ ತಿಳಿಸಿದೆ.
